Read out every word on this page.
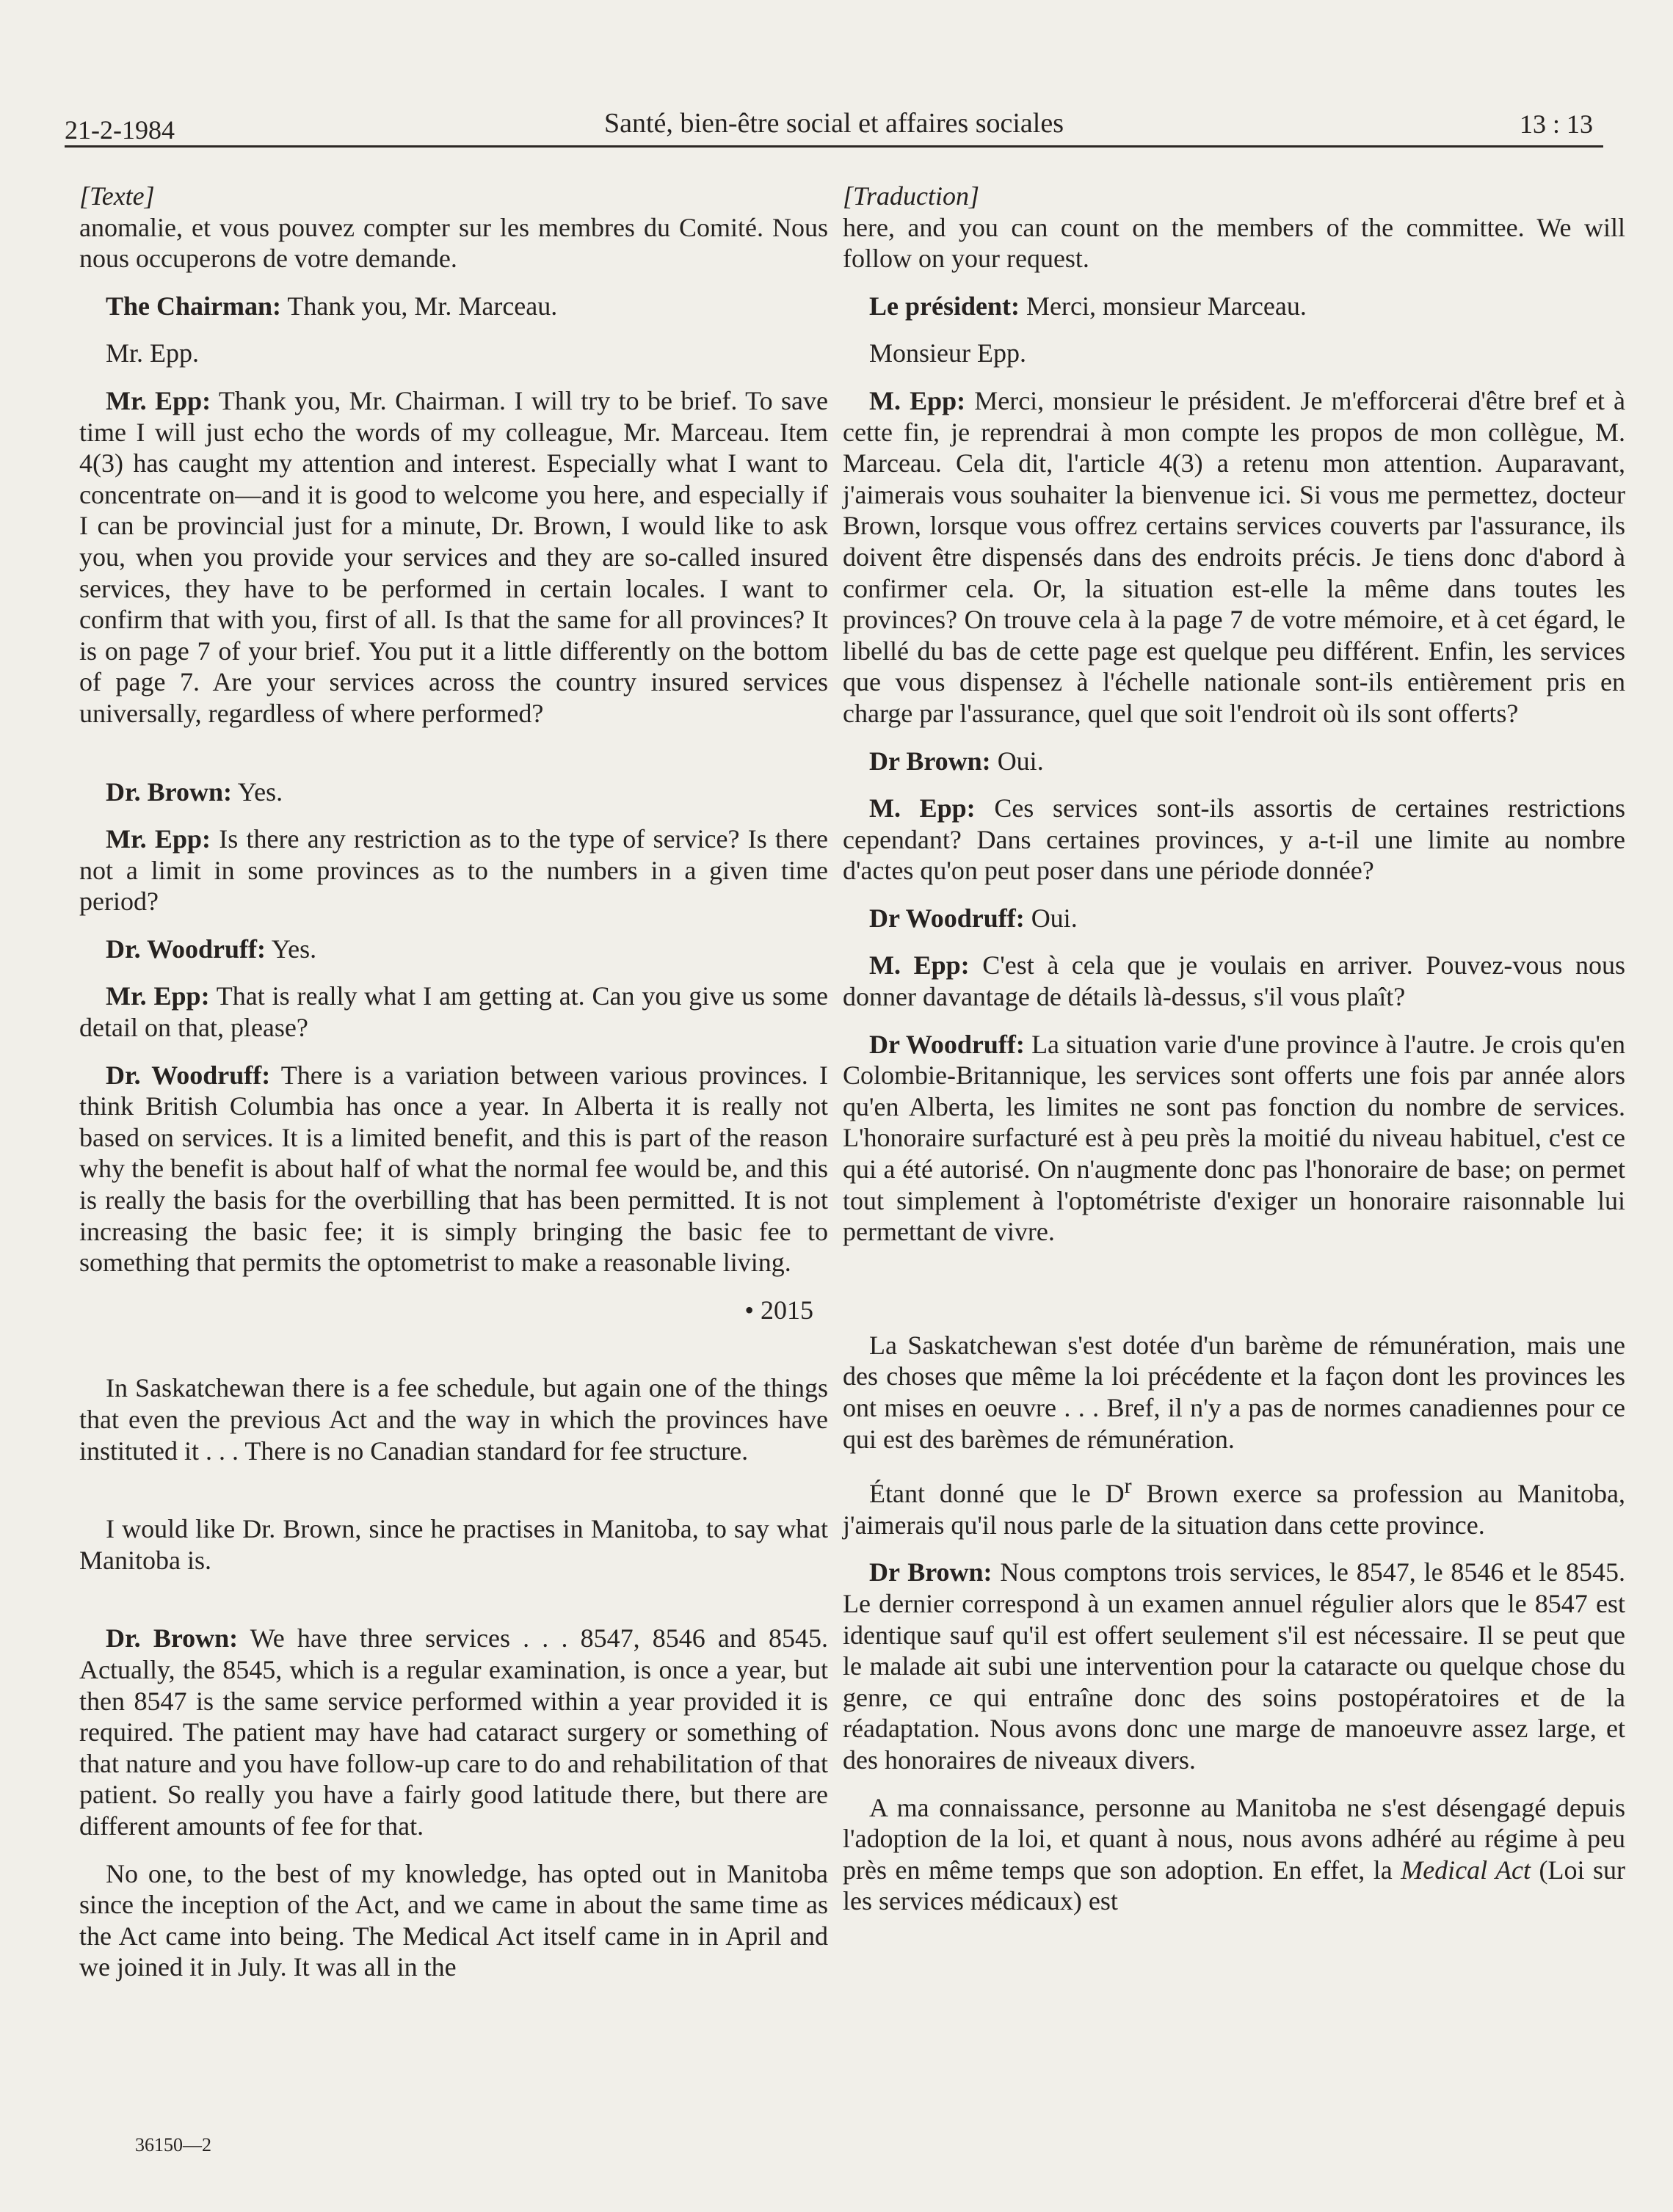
21-2-1984	Santé, bien-être social et affaires sociales	13 : 13

[Texte]

anomalie, et vous pouvez compter sur les membres du Comité. Nous nous occuperons de votre demande.

The Chairman: Thank you, Mr. Marceau.

Mr. Epp.

Mr. Epp: Thank you, Mr. Chairman. I will try to be brief. To save time I will just echo the words of my colleague, Mr. Marceau. Item 4(3) has caught my attention and interest. Especially what I want to concentrate on—and it is good to welcome you here, and especially if I can be provincial just for a minute, Dr. Brown, I would like to ask you, when you provide your services and they are so-called insured services, they have to be performed in certain locales. I want to confirm that with you, first of all. Is that the same for all provinces? It is on page 7 of your brief. You put it a little differently on the bottom of page 7. Are your services across the country insured services universally, regardless of where performed?

Dr. Brown: Yes.

Mr. Epp: Is there any restriction as to the type of service? Is there not a limit in some provinces as to the numbers in a given time period?

Dr. Woodruff: Yes.

Mr. Epp: That is really what I am getting at. Can you give us some detail on that, please?

Dr. Woodruff: There is a variation between various provinces. I think British Columbia has once a year. In Alberta it is really not based on services. It is a limited benefit, and this is part of the reason why the benefit is about half of what the normal fee would be, and this is really the basis for the overbilling that has been permitted. It is not increasing the basic fee; it is simply bringing the basic fee to something that permits the optometrist to make a reasonable living.

• 2015

In Saskatchewan there is a fee schedule, but again one of the things that even the previous Act and the way in which the provinces have instituted it . . . There is no Canadian standard for fee structure.

I would like Dr. Brown, since he practises in Manitoba, to say what Manitoba is.

Dr. Brown: We have three services . . . 8547, 8546 and 8545. Actually, the 8545, which is a regular examination, is once a year, but then 8547 is the same service performed within a year provided it is required. The patient may have had cataract surgery or something of that nature and you have follow-up care to do and rehabilitation of that patient. So really you have a fairly good latitude there, but there are different amounts of fee for that.

No one, to the best of my knowledge, has opted out in Manitoba since the inception of the Act, and we came in about the same time as the Act came into being. The Medical Act itself came in in April and we joined it in July. It was all in the

[Traduction]

here, and you can count on the members of the committee. We will follow on your request.

Le président: Merci, monsieur Marceau.

Monsieur Epp.

M. Epp: Merci, monsieur le président. Je m'efforcerai d'être bref et à cette fin, je reprendrai à mon compte les propos de mon collègue, M. Marceau. Cela dit, l'article 4(3) a retenu mon attention. Auparavant, j'aimerais vous souhaiter la bienvenue ici. Si vous me permettez, docteur Brown, lorsque vous offrez certains services couverts par l'assurance, ils doivent être dispensés dans des endroits précis. Je tiens donc d'abord à confirmer cela. Or, la situation est-elle la même dans toutes les provinces? On trouve cela à la page 7 de votre mémoire, et à cet égard, le libellé du bas de cette page est quelque peu différent. Enfin, les services que vous dispensez à l'échelle nationale sont-ils entièrement pris en charge par l'assurance, quel que soit l'endroit où ils sont offerts?

Dr Brown: Oui.

M. Epp: Ces services sont-ils assortis de certaines restrictions cependant? Dans certaines provinces, y a-t-il une limite au nombre d'actes qu'on peut poser dans une période donnée?

Dr Woodruff: Oui.

M. Epp: C'est à cela que je voulais en arriver. Pouvez-vous nous donner davantage de détails là-dessus, s'il vous plaît?

Dr Woodruff: La situation varie d'une province à l'autre. Je crois qu'en Colombie-Britannique, les services sont offerts une fois par année alors qu'en Alberta, les limites ne sont pas fonction du nombre de services. L'honoraire surfacturé est à peu près la moitié du niveau habituel, c'est ce qui a été autorisé. On n'augmente donc pas l'honoraire de base; on permet tout simplement à l'optométriste d'exiger un honoraire raisonnable lui permettant de vivre.

La Saskatchewan s'est dotée d'un barème de rémunération, mais une des choses que même la loi précédente et la façon dont les provinces les ont mises en oeuvre . . . Bref, il n'y a pas de normes canadiennes pour ce qui est des barèmes de rémunération.

Étant donné que le $D^r$ Brown exerce sa profession au Manitoba, j'aimerais qu'il nous parle de la situation dans cette province.

Dr Brown: Nous comptons trois services, le 8547, le 8546 et le 8545. Le dernier correspond à un examen annuel régulier alors que le 8547 est identique sauf qu'il est offert seulement s'il est nécessaire. Il se peut que le malade ait subi une intervention pour la cataracte ou quelque chose du genre, ce qui entraîne donc des soins postopératoires et de la réadaptation. Nous avons donc une marge de manoeuvre assez large, et des honoraires de niveaux divers.

A ma connaissance, personne au Manitoba ne s'est désengagé depuis l'adoption de la loi, et quant à nous, nous avons adhéré au régime à peu près en même temps que son adoption. En effet, la Medical Act (Loi sur les services médicaux) est

36150—2
